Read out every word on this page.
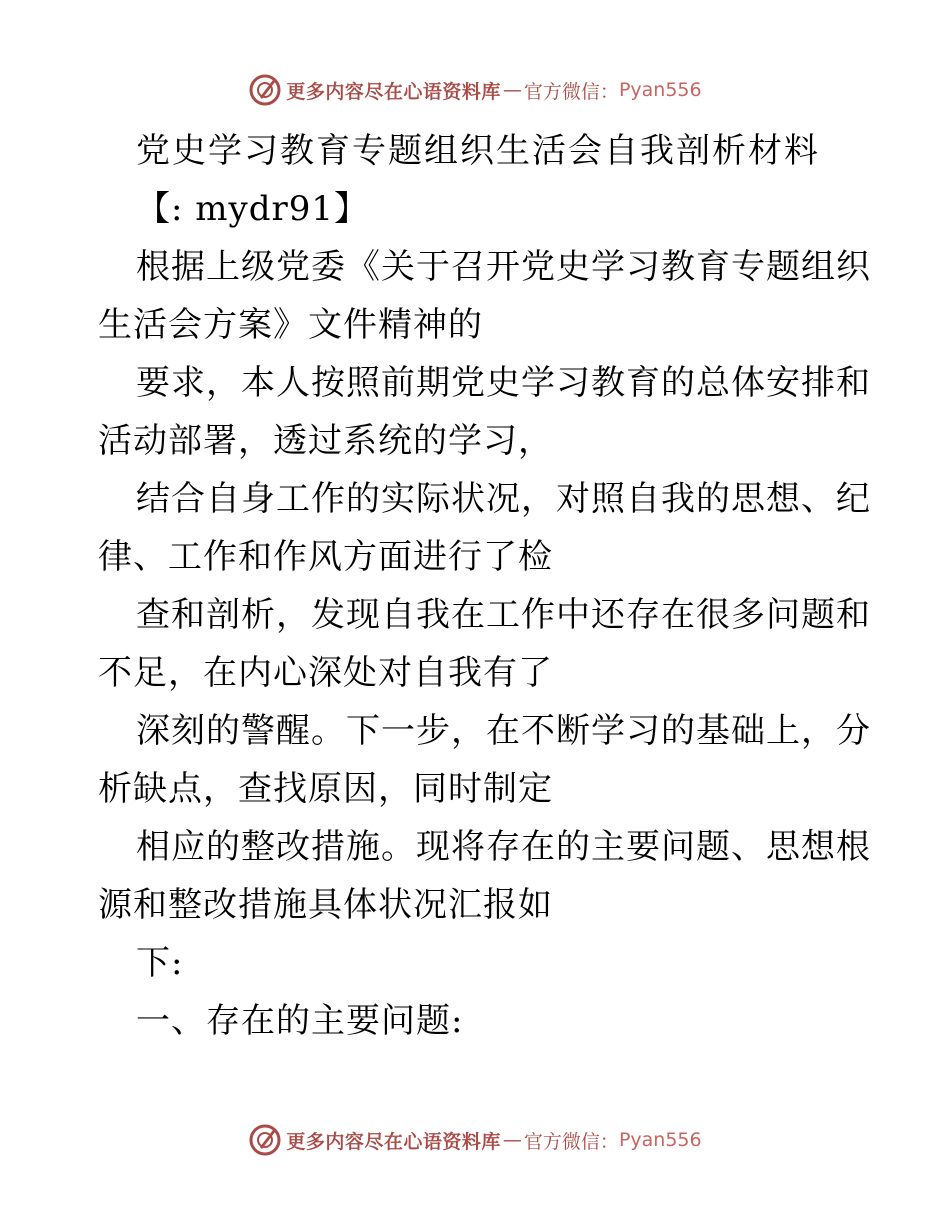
更多内容尽在心语资料库 — 官方微信： Pyan556
党史学习教育专题组织生活会自我剖析材料
【: mydr91】
根据上级党委《关于召开党史学习教育专题组织
生活会方案》文件精神的
要求，本人按照前期党史学习教育的总体安排和
活动部署，透过系统的学习，
结合自身工作的实际状况，对照自我的思想、纪
律、工作和作风方面进行了检
查和剖析，发现自我在工作中还存在很多问题和
不足，在内心深处对自我有了
深刻的警醒。下一步，在不断学习的基础上，分
析缺点，查找原因，同时制定
相应的整改措施。现将存在的主要问题、思想根
源和整改措施具体状况汇报如
下:
一、存在的主要问题:
更多内容尽在心语资料库 — 官方微信： Pyan556
